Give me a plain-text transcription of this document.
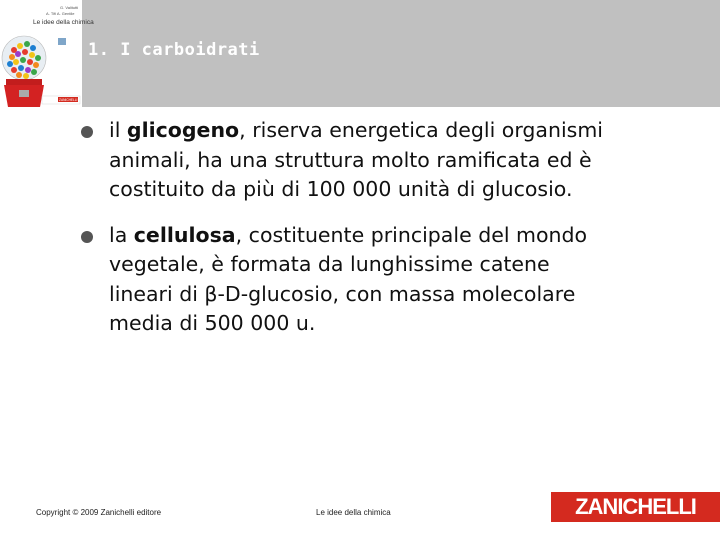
G. Valitutti
A. Tifi A. Gentile
Le idee della chimica
ZANICHELLI
1. I carboidrati

il glicogeno, riserva energetica degli organismi
animali, ha una struttura molto ramificata ed è
costituito da più di 100 000 unità di glucosio.

la cellulosa, costituente principale del mondo
vegetale, è formata da lunghissime catene
lineari di β-D-glucosio, con massa molecolare
media di 500 000 u.

Copyright © 2009 Zanichelli editore	Le idee della chimica	ZANICHELLI
